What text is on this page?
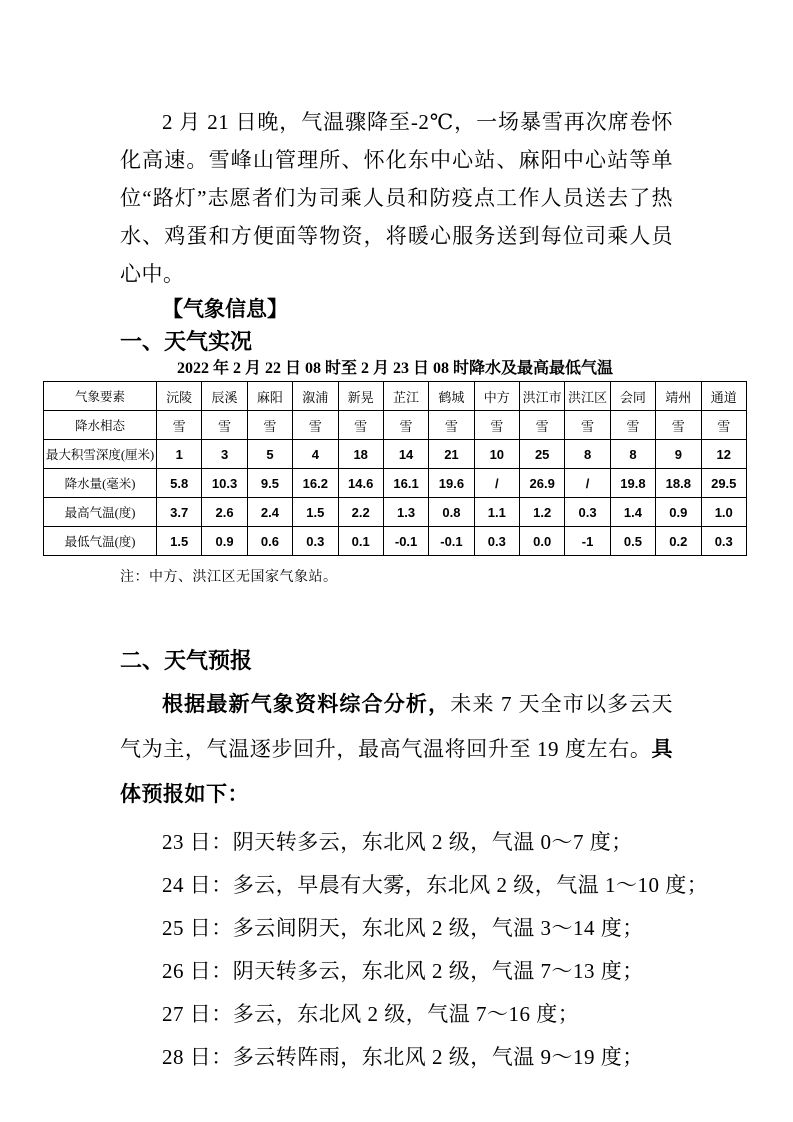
2 月 21 日晚，气温骤降至-2℃，一场暴雪再次席卷怀化高速。雪峰山管理所、怀化东中心站、麻阳中心站等单位“路灯”志愿者们为司乘人员和防疫点工作人员送去了热水、鸡蛋和方便面等物资，将暖心服务送到每位司乘人员心中。

【气象信息】

一、天气实况

2022 年 2 月 22 日 08 时至 2 月 23 日 08 时降水及最高最低气温

气象要素	沅陵	辰溪	麻阳	溆浦	新晃	芷江	鹤城	中方	洪江市	洪江区	会同	靖州	通道
降水相态	雪	雪	雪	雪	雪	雪	雪	雪	雪	雪	雪	雪	雪
最大积雪深度(厘米)	1	3	5	4	18	14	21	10	25	8	8	9	12
降水量(毫米)	5.8	10.3	9.5	16.2	14.6	16.1	19.6	/	26.9	/	19.8	18.8	29.5
最高气温(度)	3.7	2.6	2.4	1.5	2.2	1.3	0.8	1.1	1.2	0.3	1.4	0.9	1.0
最低气温(度)	1.5	0.9	0.6	0.3	0.1	-0.1	-0.1	0.3	0.0	-1	0.5	0.2	0.3

注：中方、洪江区无国家气象站。

二、天气预报

根据最新气象资料综合分析，未来 7 天全市以多云天气为主，气温逐步回升，最高气温将回升至 19 度左右。具体预报如下：

23 日：阴天转多云，东北风 2 级，气温 0～7 度；

24 日：多云，早晨有大雾，东北风 2 级，气温 1～10 度；

25 日：多云间阴天，东北风 2 级，气温 3～14 度；

26 日：阴天转多云，东北风 2 级，气温 7～13 度；

27 日：多云，东北风 2 级，气温 7～16 度；

28 日：多云转阵雨，东北风 2 级，气温 9～19 度；
